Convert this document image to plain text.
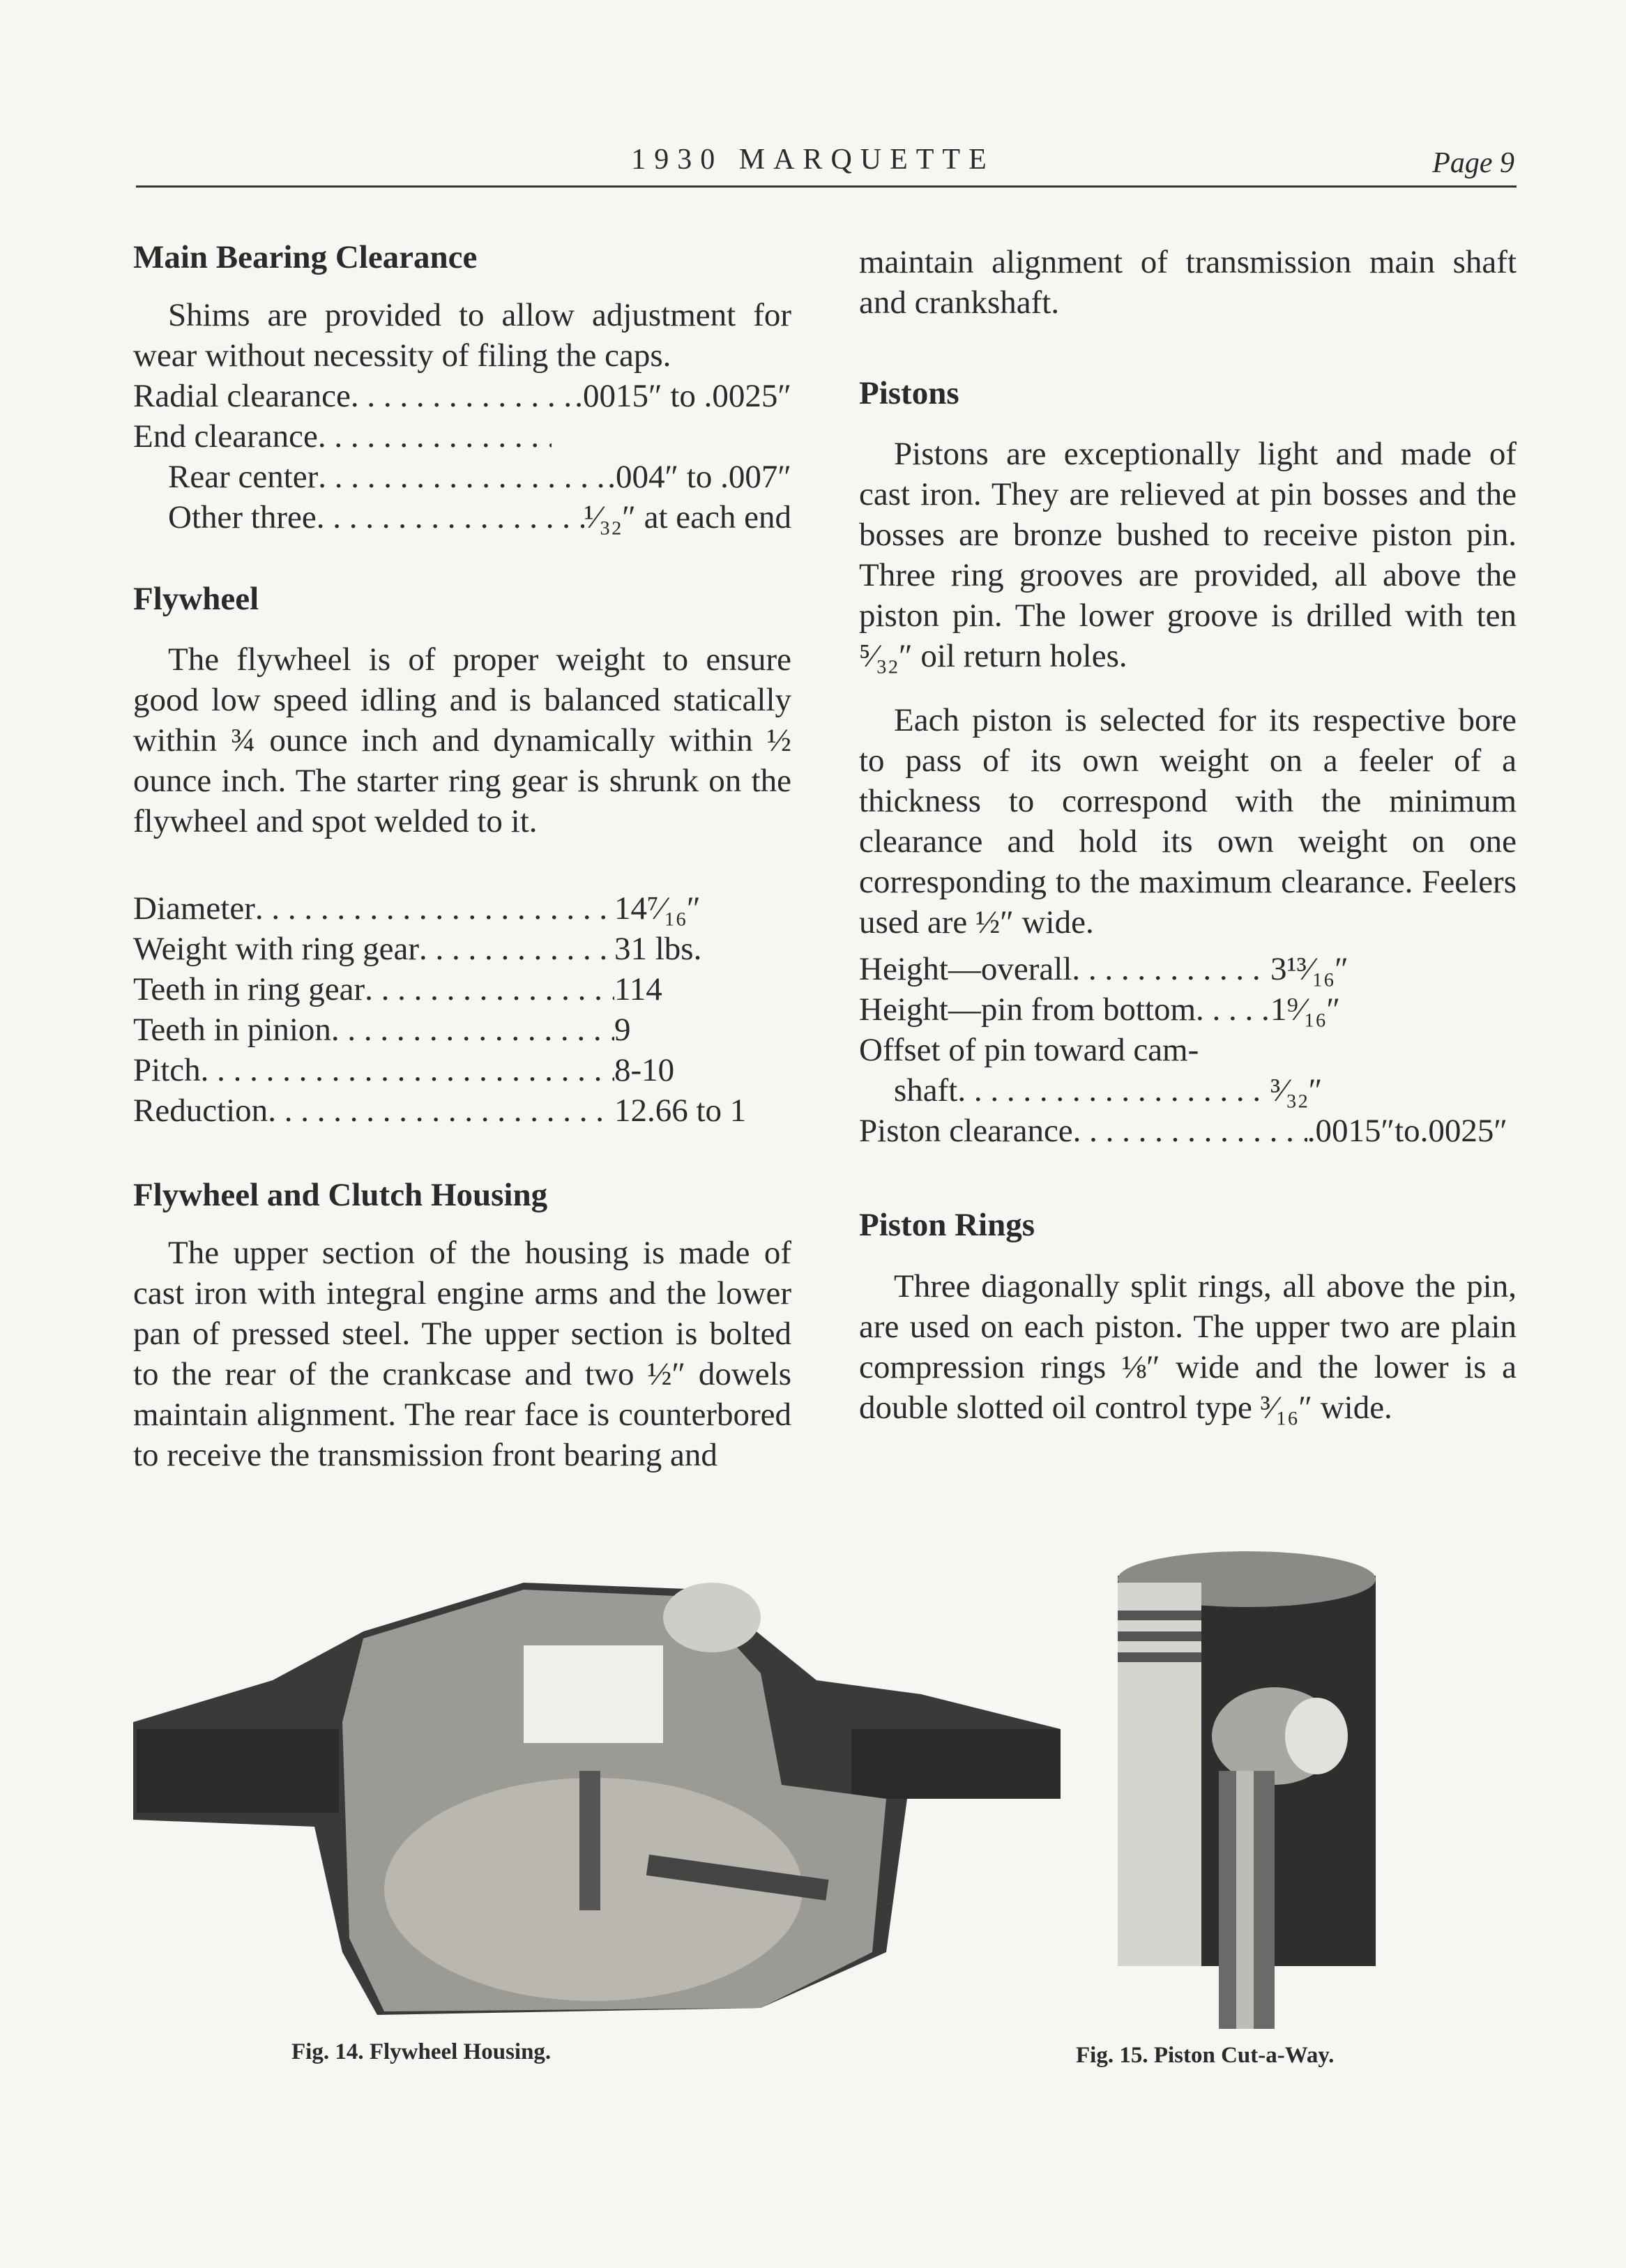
1930 MARQUETTE	Page 9
Main Bearing Clearance

Shims are provided to allow adjustment for wear without necessity of filing the caps.

Radial clearance . . .	.0015″ to .0025″
End clearance
. . .
Rear center . . .	.004″ to .007″
Other three . . .	¹⁄₃₂″ at each end
Flywheel

The flywheel is of proper weight to ensure good low speed idling and is balanced statically within ¾ ounce inch and dynamically within ½ ounce inch. The starter ring gear is shrunk on the flywheel and spot welded to it.

Diameter . . .	14⁷⁄₁₆″
Weight with ring gear . . .	31 lbs.
Teeth in ring gear . . .	114
Teeth in pinion . . .	9
Pitch . . .	8-10
Reduction . . .	12.66 to 1
Flywheel and Clutch Housing

The upper section of the housing is made of cast iron with integral engine arms and the lower pan of pressed steel. The upper section is bolted to the rear of the crankcase and two ½″ dowels maintain alignment. The rear face is counterbored to receive the transmission front bearing and

maintain alignment of transmission main shaft and crankshaft.

Pistons

Pistons are exceptionally light and made of cast iron. They are relieved at pin bosses and the bosses are bronze bushed to receive piston pin. Three ring grooves are provided, all above the piston pin. The lower groove is drilled with ten ⁵⁄₃₂″ oil return holes.

Each piston is selected for its respective bore to pass of its own weight on a feeler of a thickness to correspond with the minimum clearance and hold its own weight on one corresponding to the maximum clearance. Feelers used are ½″ wide.

Height—overall . . .	3¹³⁄₁₆″
Height—pin from bottom . . . 1⁹⁄₁₆″
Offset of pin toward cam-
shaft . . .	³⁄₃₂″
Piston clearance . . .	.0015″to.0025″
Piston Rings

Three diagonally split rings, all above the pin, are used on each piston. The upper two are plain compression rings ⅛″ wide and the lower is a double slotted oil control type ³⁄₁₆″ wide.

Fig. 14. Flywheel Housing.	Fig. 15. Piston Cut-a-Way.
